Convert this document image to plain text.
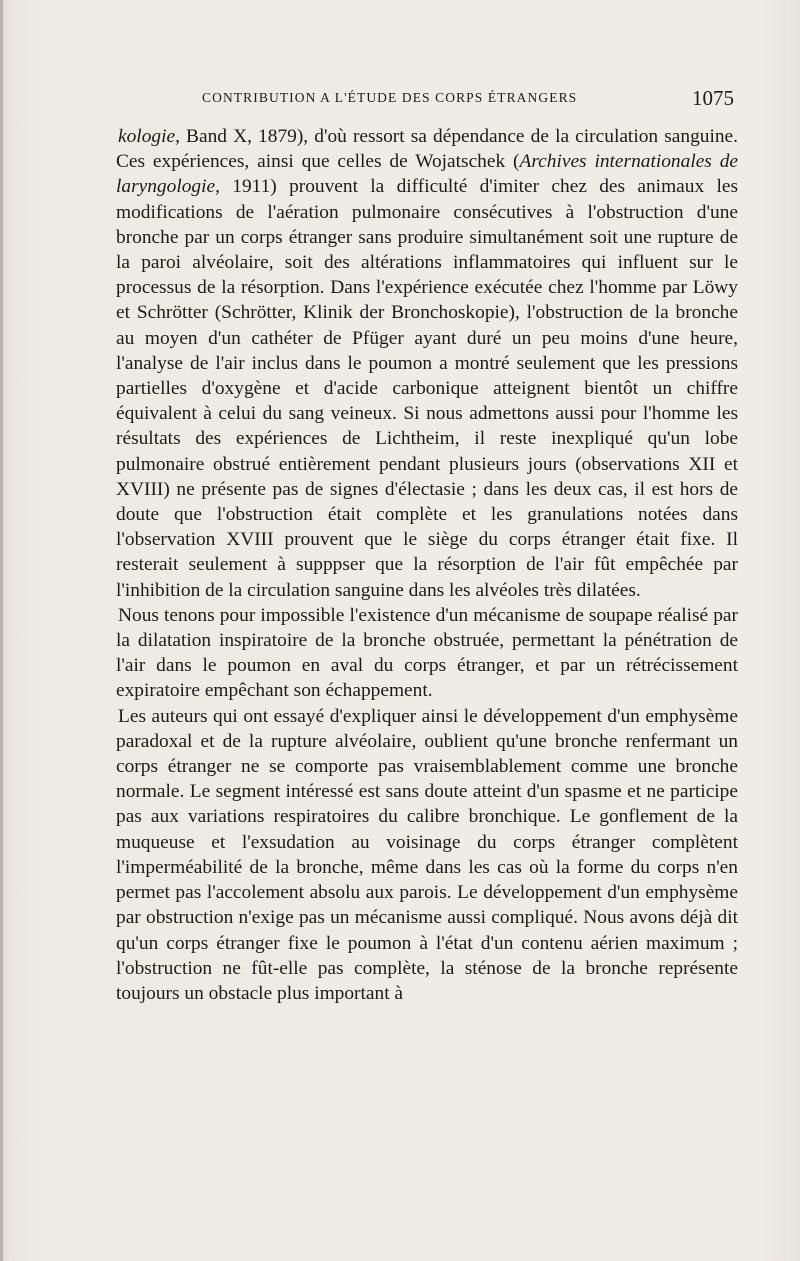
CONTRIBUTION A L'ÉTUDE DES CORPS ÉTRANGERS	1075

kologie, Band X, 1879), d'où ressort sa dépendance de la circulation sanguine. Ces expériences, ainsi que celles de Wojatschek (Archives internationales de laryngologie, 1911) prouvent la difficulté d'imiter chez des animaux les modifications de l'aération pulmonaire consécutives à l'obstruction d'une bronche par un corps étranger sans produire simultanément soit une rupture de la paroi alvéolaire, soit des altérations inflammatoires qui influent sur le processus de la résorption. Dans l'expérience exécutée chez l'homme par Löwy et Schrötter (Schrötter, Klinik der Bronchoskopie), l'obstruction de la bronche au moyen d'un cathéter de Pfüger ayant duré un peu moins d'une heure, l'analyse de l'air inclus dans le poumon a montré seulement que les pressions partielles d'oxygène et d'acide carbonique atteignent bientôt un chiffre équivalent à celui du sang veineux. Si nous admettons aussi pour l'homme les résultats des expériences de Lichtheim, il reste inexpliqué qu'un lobe pulmonaire obstrué entièrement pendant plusieurs jours (observations XII et XVIII) ne présente pas de signes d'électasie ; dans les deux cas, il est hors de doute que l'obstruction était complète et les granulations notées dans l'observation XVIII prouvent que le siège du corps étranger était fixe. Il resterait seulement à supppser que la résorption de l'air fût empêchée par l'inhibition de la circulation sanguine dans les alvéoles très dilatées.

Nous tenons pour impossible l'existence d'un mécanisme de soupape réalisé par la dilatation inspiratoire de la bronche obstruée, permettant la pénétration de l'air dans le poumon en aval du corps étranger, et par un rétrécissement expiratoire empêchant son échappement.

Les auteurs qui ont essayé d'expliquer ainsi le développement d'un emphysème paradoxal et de la rupture alvéolaire, oublient qu'une bronche renfermant un corps étranger ne se comporte pas vraisemblablement comme une bronche normale. Le segment intéressé est sans doute atteint d'un spasme et ne participe pas aux variations respiratoires du calibre bronchique. Le gonflement de la muqueuse et l'exsudation au voisinage du corps étranger complètent l'imperméabilité de la bronche, même dans les cas où la forme du corps n'en permet pas l'accolement absolu aux parois. Le développement d'un emphysème par obstruction n'exige pas un mécanisme aussi compliqué. Nous avons déjà dit qu'un corps étranger fixe le poumon à l'état d'un contenu aérien maximum ; l'obstruction ne fût-elle pas complète, la sténose de la bronche représente toujours un obstacle plus important à
